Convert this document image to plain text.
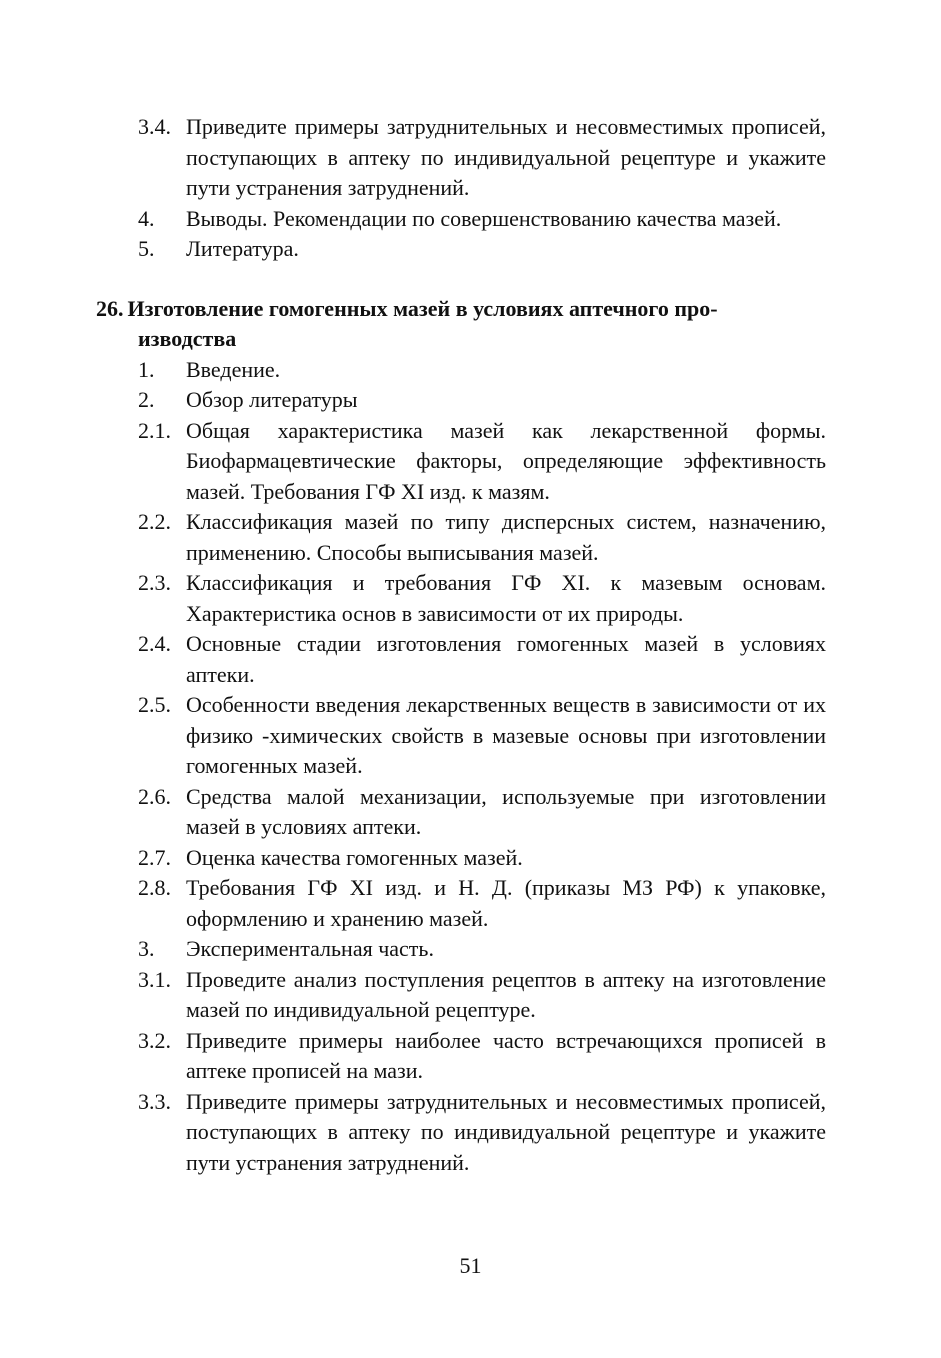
3.4. Приведите примеры затруднительных и несовместимых прописей, поступающих в аптеку по индивидуальной рецептуре и укажите пути устранения затруднений.
4.	Выводы. Рекомендации по совершенствованию качества мазей.
5.	Литература.
26. Изготовление гомогенных мазей в условиях аптечного про-
изводства
1.	Введение.
2.	Обзор литературы
2.1. Общая характеристика мазей как лекарственной формы. Биофармацевтические факторы, определяющие эффективность мазей. Требования ГФ XI изд. к мазям.
2.2. Классификация мазей по типу дисперсных систем, назначению, применению. Способы выписывания мазей.
2.3. Классификация и требования ГФ XI. к мазевым основам. Характеристика основ в зависимости от их природы.
2.4. Основные стадии изготовления гомогенных мазей в условиях аптеки.
2.5. Особенности введения лекарственных веществ в зависимости от их физико -химических свойств в мазевые основы при изготовлении гомогенных мазей.
2.6. Средства малой механизации, используемые при изготовлении мазей в условиях аптеки.
2.7. Оценка качества гомогенных мазей.
2.8. Требования ГФ XI изд. и Н. Д. (приказы МЗ РФ) к упаковке, оформлению и хранению мазей.
3.	Экспериментальная часть.
3.1. Проведите анализ поступления рецептов в аптеку на изготовление мазей по индивидуальной рецептуре.
3.2. Приведите примеры наиболее часто встречающихся прописей в аптеке прописей на мази.
3.3. Приведите примеры затруднительных и несовместимых прописей, поступающих в аптеку по индивидуальной рецептуре и укажите пути устранения затруднений.
51
